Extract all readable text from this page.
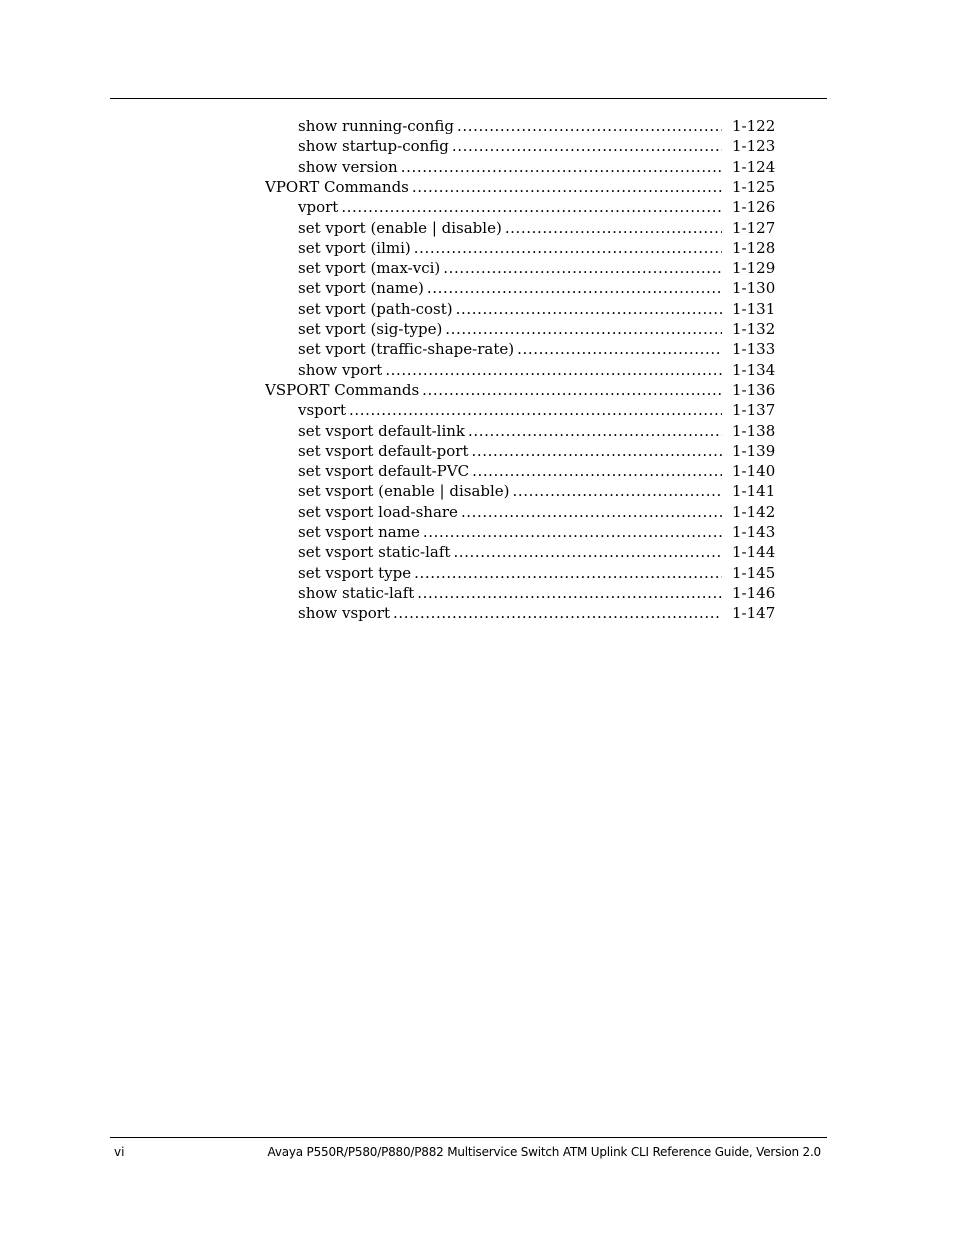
show running-config .....	1-122
show startup-config .....	1-123
show version .....	1-124
VPORT Commands .....	1-125
vport .....	1-126
set vport (enable | disable) .....	1-127
set vport (ilmi) .....	1-128
set vport (max-vci) .....	1-129
set vport (name) .....	1-130
set vport (path-cost) .....	1-131
set vport (sig-type) .....	1-132
set vport (traffic-shape-rate) .....	1-133
show vport .....	1-134
VSPORT Commands .....	1-136
vsport .....	1-137
set vsport default-link .....	1-138
set vsport default-port .....	1-139
set vsport default-PVC .....	1-140
set vsport (enable | disable) .....	1-141
set vsport load-share .....	1-142
set vsport name .....	1-143
set vsport static-laft .....	1-144
set vsport type .....	1-145
show static-laft .....	1-146
show vsport .....	1-147
vi	Avaya P550R/P580/P880/P882 Multiservice Switch ATM Uplink CLI Reference Guide, Version 2.0
